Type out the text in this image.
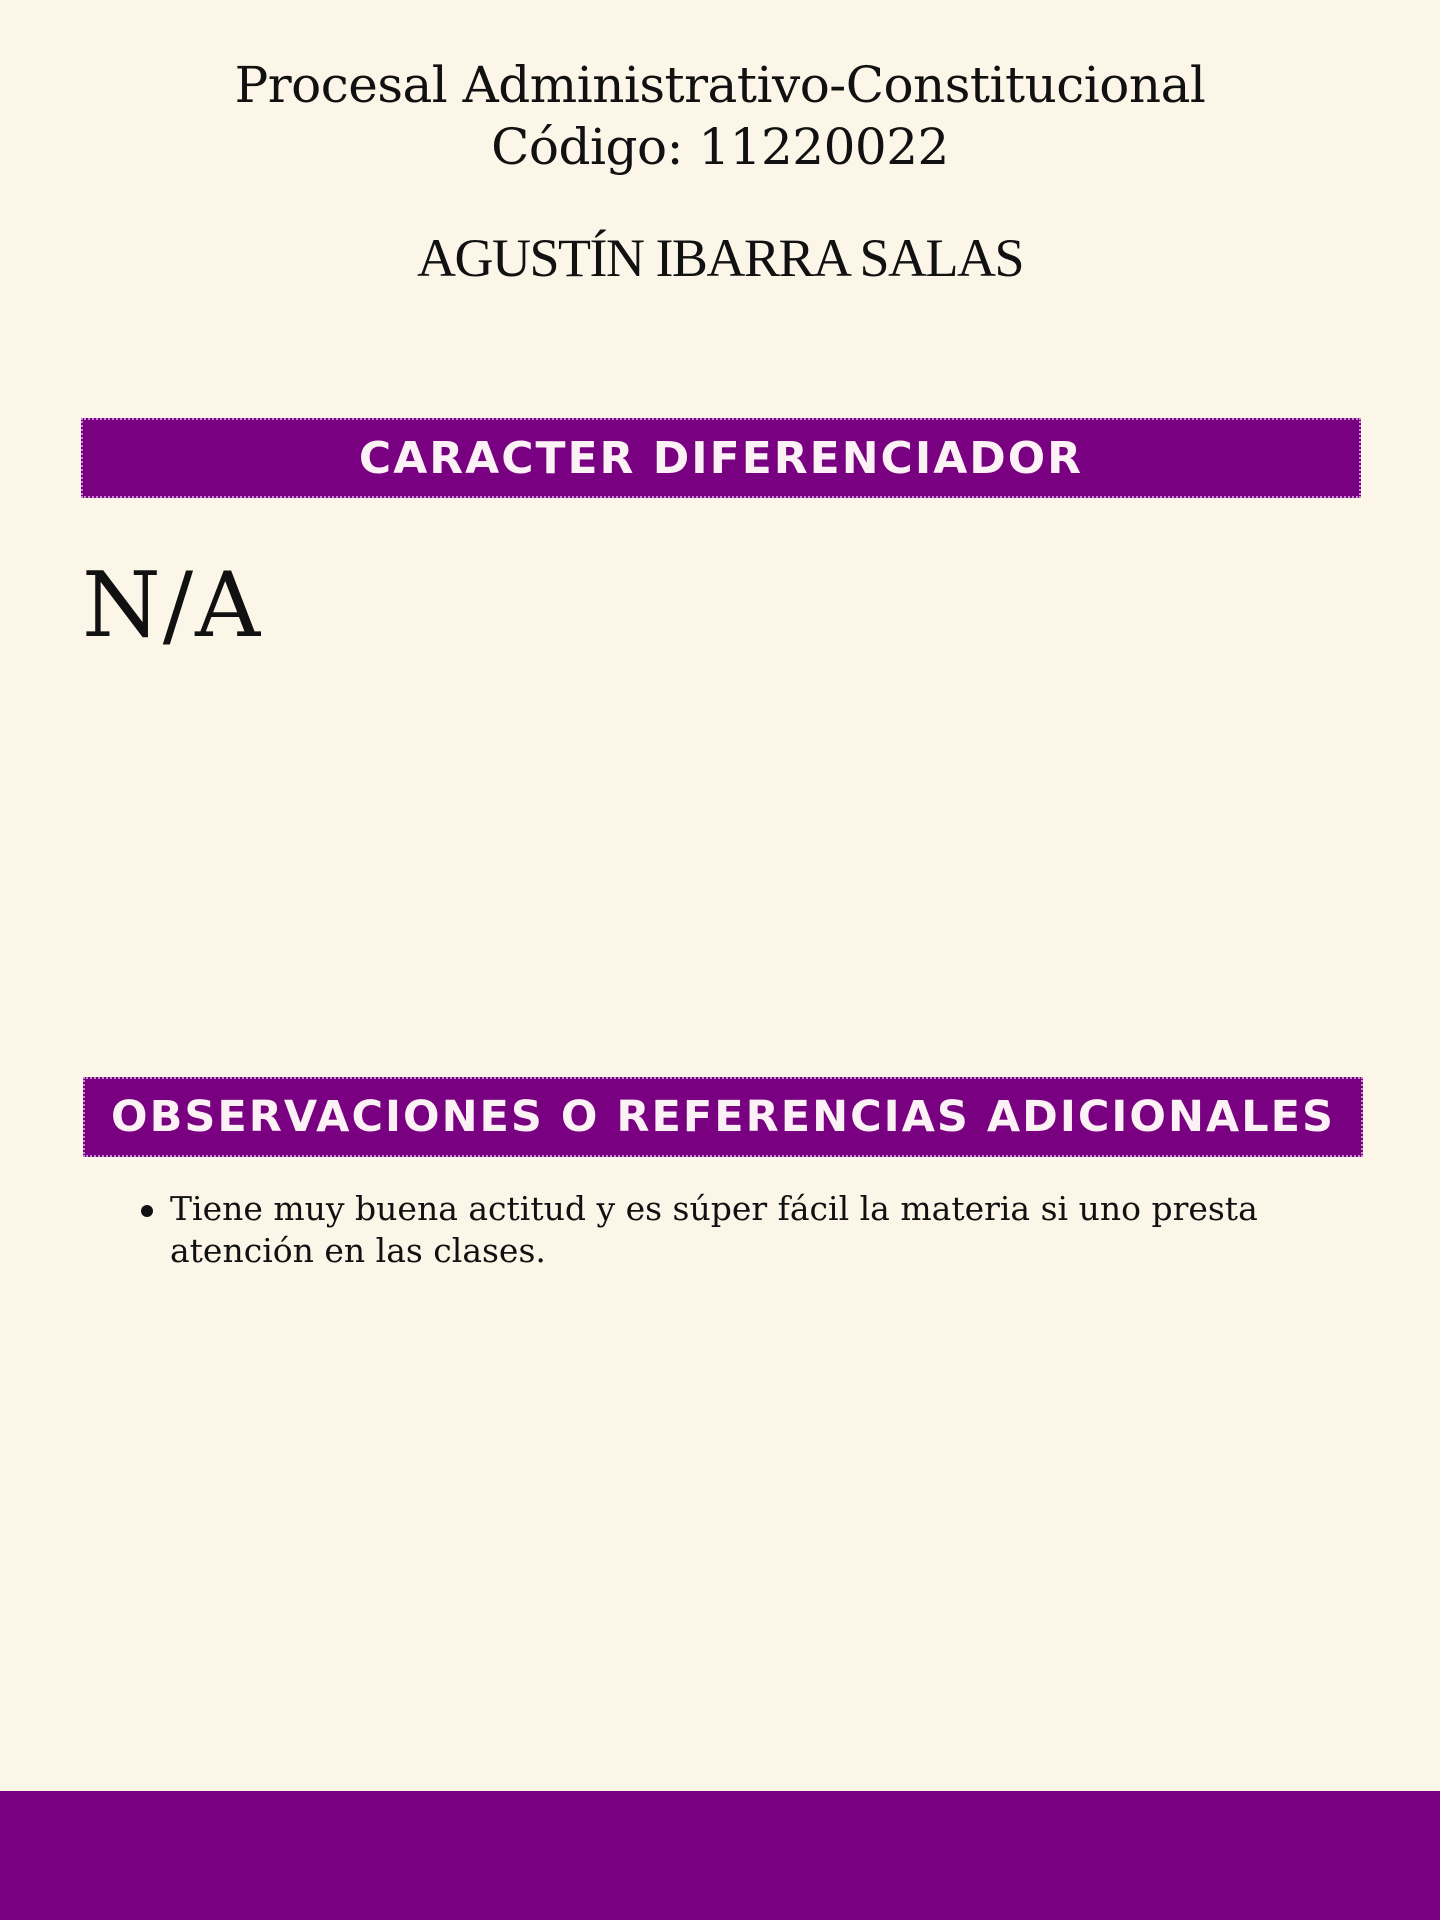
Procesal Administrativo-Constitucional
Código: 11220022

AGUSTÍN IBARRA SALAS

CARACTER DIFERENCIADOR

N/A

OBSERVACIONES O REFERENCIAS ADICIONALES
Tiene muy buena actitud y es súper fácil la materia si uno presta atención en las clases.
